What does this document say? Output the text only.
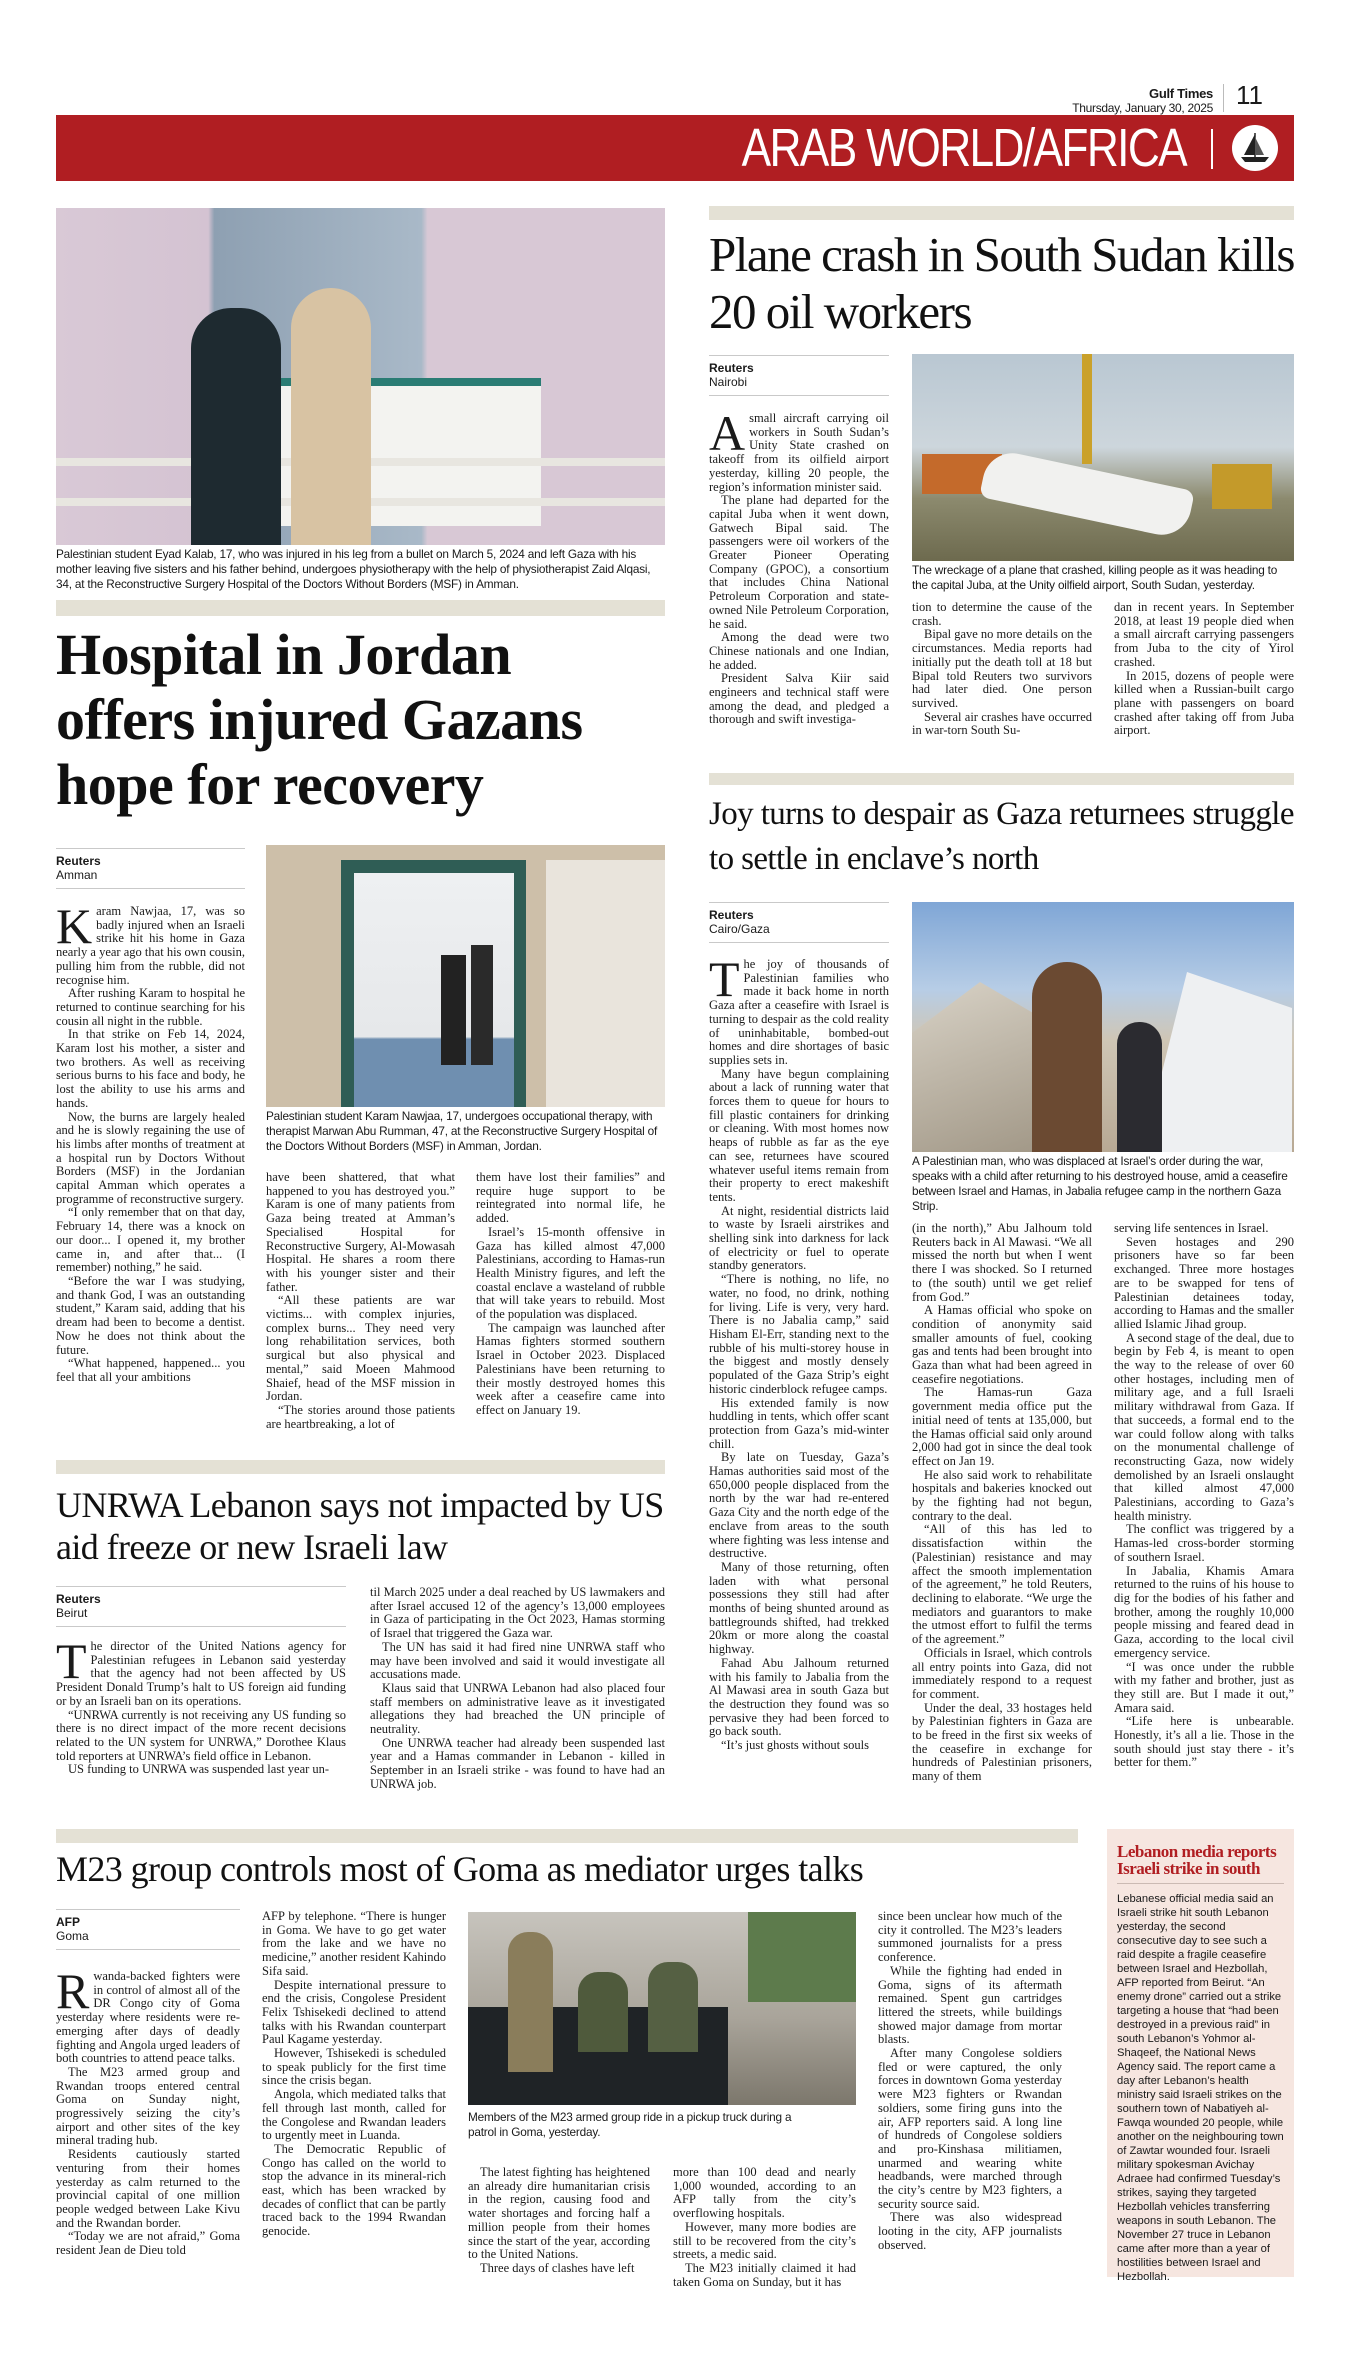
Gulf Times
Thursday, January 30, 2025 11
ARAB WORLD/AFRICA
Palestinian student Eyad Kalab, 17, who was injured in his leg from a bullet on March 5, 2024 and left Gaza with his mother leaving five sisters and his father behind, undergoes physiotherapy with the help of physiotherapist Zaid Alqasi, 34, at the Reconstructive Surgery Hospital of the Doctors Without Borders (MSF) in Amman.
Hospital in Jordan offers injured Gazans hope for recovery
Reuters
Amman
Palestinian student Karam Nawjaa, 17, undergoes occupational therapy, with therapist Marwan Abu Rumman, 47, at the Reconstructive Surgery Hospital of the Doctors Without Borders (MSF) in Amman, Jordan.

Karam Nawjaa, 17, was so badly injured when an Israeli strike hit his home in Gaza nearly a year ago that his own cousin, pulling him from the rubble, did not recognise him.

After rushing Karam to hospital he returned to continue searching for his cousin all night in the rubble.

In that strike on Feb 14, 2024, Karam lost his mother, a sister and two brothers. As well as receiving serious burns to his face and body, he lost the ability to use his arms and hands.

Now, the burns are largely healed and he is slowly regaining the use of his limbs after months of treatment at a hospital run by Doctors Without Borders (MSF) in the Jordanian capital Amman which operates a programme of reconstructive surgery.

“I only remember that on that day, February 14, there was a knock on our door... I opened it, my brother came in, and after that... (I remember) nothing,” he said.

“Before the war I was studying, and thank God, I was an outstanding student,” Karam said, adding that his dream had been to become a dentist. Now he does not think about the future.

“What happened, happened... you feel that all your ambitions

have been shattered, that what happened to you has destroyed you.” Karam is one of many patients from Gaza being treated at Amman’s Specialised Hospital for Reconstructive Surgery, Al-Mowasah Hospital. He shares a room there with his younger sister and their father.

“All these patients are war victims... with complex injuries, complex burns... They need very long rehabilitation services, both surgical but also physical and mental,” said Moeen Mahmood Shaief, head of the MSF mission in Jordan.

“The stories around those patients are heartbreaking, a lot of

them have lost their families” and require huge support to be reintegrated into normal life, he added.

Israel’s 15-month offensive in Gaza has killed almost 47,000 Palestinians, according to Hamas-run Health Ministry figures, and left the coastal enclave a wasteland of rubble that will take years to rebuild. Most of the population was displaced.

The campaign was launched after Hamas fighters stormed southern Israel in October 2023. Displaced Palestinians have been returning to their mostly destroyed homes this week after a ceasefire came into effect on January 19.

Plane crash in South Sudan kills 20 oil workers
Reuters
Nairobi

Asmall aircraft carrying oil workers in South Sudan’s Unity State crashed on takeoff from its oilfield airport yesterday, killing 20 people, the region’s information minister said.

The plane had departed for the capital Juba when it went down, Gatwech Bipal said. The passengers were oil workers of the Greater Pioneer Operating Company (GPOC), a consortium that includes China National Petroleum Corporation and state-owned Nile Petroleum Corporation, he said.

Among the dead were two Chinese nationals and one Indian, he added.

President Salva Kiir said engineers and technical staff were among the dead, and pledged a thorough and swift investiga-

The wreckage of a plane that crashed, killing people as it was heading to the capital Juba, at the Unity oilfield airport, South Sudan, yesterday.

tion to determine the cause of the crash.

Bipal gave no more details on the circumstances. Media reports had initially put the death toll at 18 but Bipal told Reuters two survivors had later died. One person survived.

Several air crashes have occurred in war-torn South Su-

dan in recent years. In September 2018, at least 19 people died when a small aircraft carrying passengers from Juba to the city of Yirol crashed.

In 2015, dozens of people were killed when a Russian-built cargo plane with passengers on board crashed after taking off from Juba airport.

Joy turns to despair as Gaza returnees struggle to settle in enclave’s north
Reuters
Cairo/Gaza

The joy of thousands of Palestinian families who made it back home in north Gaza after a ceasefire with Israel is turning to despair as the cold reality of uninhabitable, bombed-out homes and dire shortages of basic supplies sets in.

Many have begun complaining about a lack of running water that forces them to queue for hours to fill plastic containers for drinking or cleaning. With most homes now heaps of rubble as far as the eye can see, returnees have scoured whatever useful items remain from their property to erect makeshift tents.

At night, residential districts laid to waste by Israeli airstrikes and shelling sink into darkness for lack of electricity or fuel to operate standby generators.

“There is nothing, no life, no water, no food, no drink, nothing for living. Life is very, very hard. There is no Jabalia camp,” said Hisham El-Err, standing next to the rubble of his multi-storey house in the biggest and mostly densely populated of the Gaza Strip’s eight historic cinderblock refugee camps.

His extended family is now huddling in tents, which offer scant protection from Gaza’s mid-winter chill.

By late on Tuesday, Gaza’s Hamas authorities said most of the 650,000 people displaced from the north by the war had re-entered Gaza City and the north edge of the enclave from areas to the south where fighting was less intense and destructive.

Many of those returning, often laden with what personal possessions they still had after months of being shunted around as battlegrounds shifted, had trekked 20km or more along the coastal highway.

Fahad Abu Jalhoum returned with his family to Jabalia from the Al Mawasi area in south Gaza but the destruction they found was so pervasive they had been forced to go back south.

“It’s just ghosts without souls

A Palestinian man, who was displaced at Israel’s order during the war, speaks with a child after returning to his destroyed house, amid a ceasefire between Israel and Hamas, in Jabalia refugee camp in the northern Gaza Strip.

(in the north),” Abu Jalhoum told Reuters back in Al Mawasi. “We all missed the north but when I went there I was shocked. So I returned to (the south) until we get relief from God.”

A Hamas official who spoke on condition of anonymity said smaller amounts of fuel, cooking gas and tents had been brought into Gaza than what had been agreed in ceasefire negotiations.

The Hamas-run Gaza government media office put the initial need of tents at 135,000, but the Hamas official said only around 2,000 had got in since the deal took effect on Jan 19.

He also said work to rehabilitate hospitals and bakeries knocked out by the fighting had not begun, contrary to the deal.

“All of this has led to dissatisfaction within the (Palestinian) resistance and may affect the smooth implementation of the agreement,” he told Reuters, declining to elaborate. “We urge the mediators and guarantors to make the utmost effort to fulfil the terms of the agreement.”

Officials in Israel, which controls all entry points into Gaza, did not immediately respond to a request for comment.

Under the deal, 33 hostages held by Palestinian fighters in Gaza are to be freed in the first six weeks of the ceasefire in exchange for hundreds of Palestinian prisoners, many of them

serving life sentences in Israel.

Seven hostages and 290 prisoners have so far been exchanged. Three more hostages are to be swapped for tens of Palestinian detainees today, according to Hamas and the smaller allied Islamic Jihad group.

A second stage of the deal, due to begin by Feb 4, is meant to open the way to the release of over 60 other hostages, including men of military age, and a full Israeli military withdrawal from Gaza. If that succeeds, a formal end to the war could follow along with talks on the monumental challenge of reconstructing Gaza, now widely demolished by an Israeli onslaught that killed almost 47,000 Palestinians, according to Gaza’s health ministry.

The conflict was triggered by a Hamas-led cross-border storming of southern Israel.

In Jabalia, Khamis Amara returned to the ruins of his house to dig for the bodies of his father and brother, among the roughly 10,000 people missing and feared dead in Gaza, according to the local civil emergency service.

“I was once under the rubble with my father and brother, just as they still are. But I made it out,” Amara said.

“Life here is unbearable. Honestly, it’s all a lie. Those in the south should just stay there - it’s better for them.”

UNRWA Lebanon says not impacted by US aid freeze or new Israeli law
Reuters
Beirut

The director of the United Nations agency for Palestinian refugees in Lebanon said yesterday that the agency had not been affected by US President Donald Trump’s halt to US foreign aid funding or by an Israeli ban on its operations.

“UNRWA currently is not receiving any US funding so there is no direct impact of the more recent decisions related to the UN system for UNRWA,” Dorothee Klaus told reporters at UNRWA’s field office in Lebanon.

US funding to UNRWA was suspended last year un-

til March 2025 under a deal reached by US lawmakers and after Israel accused 12 of the agency’s 13,000 employees in Gaza of participating in the Oct 2023, Hamas storming of Israel that triggered the Gaza war.

The UN has said it had fired nine UNRWA staff who may have been involved and said it would investigate all accusations made.

Klaus said that UNRWA Lebanon had also placed four staff members on administrative leave as it investigated allegations they had breached the UN principle of neutrality.

One UNRWA teacher had already been suspended last year and a Hamas commander in Lebanon - killed in September in an Israeli strike - was found to have had an UNRWA job.

M23 group controls most of Goma as mediator urges talks
AFP
Goma

Rwanda-backed fighters were in control of almost all of the DR Congo city of Goma yesterday where residents were re-emerging after days of deadly fighting and Angola urged leaders of both countries to attend peace talks.

The M23 armed group and Rwandan troops entered central Goma on Sunday night, progressively seizing the city’s airport and other sites of the key mineral trading hub.

Residents cautiously started venturing from their homes yesterday as calm returned to the provincial capital of one million people wedged between Lake Kivu and the Rwandan border.

“Today we are not afraid,” Goma resident Jean de Dieu told

AFP by telephone. “There is hunger in Goma. We have to go get water from the lake and we have no medicine,” another resident Kahindo Sifa said.

Despite international pressure to end the crisis, Congolese President Felix Tshisekedi declined to attend talks with his Rwandan counterpart Paul Kagame yesterday.

However, Tshisekedi is scheduled to speak publicly for the first time since the crisis began.

Angola, which mediated talks that fell through last month, called for the Congolese and Rwandan leaders to urgently meet in Luanda.

The Democratic Republic of Congo has called on the world to stop the advance in its mineral-rich east, which has been wracked by decades of conflict that can be partly traced back to the 1994 Rwandan genocide.

Members of the M23 armed group ride in a pickup truck during a patrol in Goma, yesterday.

The latest fighting has heightened an already dire humanitarian crisis in the region, causing food and water shortages and forcing half a million people from their homes since the start of the year, according to the United Nations.

Three days of clashes have left

more than 100 dead and nearly 1,000 wounded, according to an AFP tally from the city’s overflowing hospitals.

However, many more bodies are still to be recovered from the city’s streets, a medic said.

The M23 initially claimed it had taken Goma on Sunday, but it has

since been unclear how much of the city it controlled. The M23’s leaders summoned journalists for a press conference.

While the fighting had ended in Goma, signs of its aftermath remained. Spent gun cartridges littered the streets, while buildings showed major damage from mortar blasts.

After many Congolese soldiers fled or were captured, the only forces in downtown Goma yesterday were M23 fighters or Rwandan soldiers, some firing guns into the air, AFP reporters said. A long line of hundreds of Congolese soldiers and pro-Kinshasa militiamen, unarmed and wearing white headbands, were marched through the city’s centre by M23 fighters, a security source said.

There was also widespread looting in the city, AFP journalists observed.

Lebanon media reports Israeli strike in south
Lebanese official media said an Israeli strike hit south Lebanon yesterday, the second consecutive day to see such a raid despite a fragile ceasefire between Israel and Hezbollah, AFP reported from Beirut. “An enemy drone” carried out a strike targeting a house that “had been destroyed in a previous raid” in south Lebanon’s Yohmor al-Shaqeef, the National News Agency said. The report came a day after Lebanon’s health ministry said Israeli strikes on the southern town of Nabatiyeh al-Fawqa wounded 20 people, while another on the neighbouring town of Zawtar wounded four. Israeli military spokesman Avichay Adraee had confirmed Tuesday’s strikes, saying they targeted Hezbollah vehicles transferring weapons in south Lebanon. The November 27 truce in Lebanon came after more than a year of hostilities between Israel and Hezbollah.
